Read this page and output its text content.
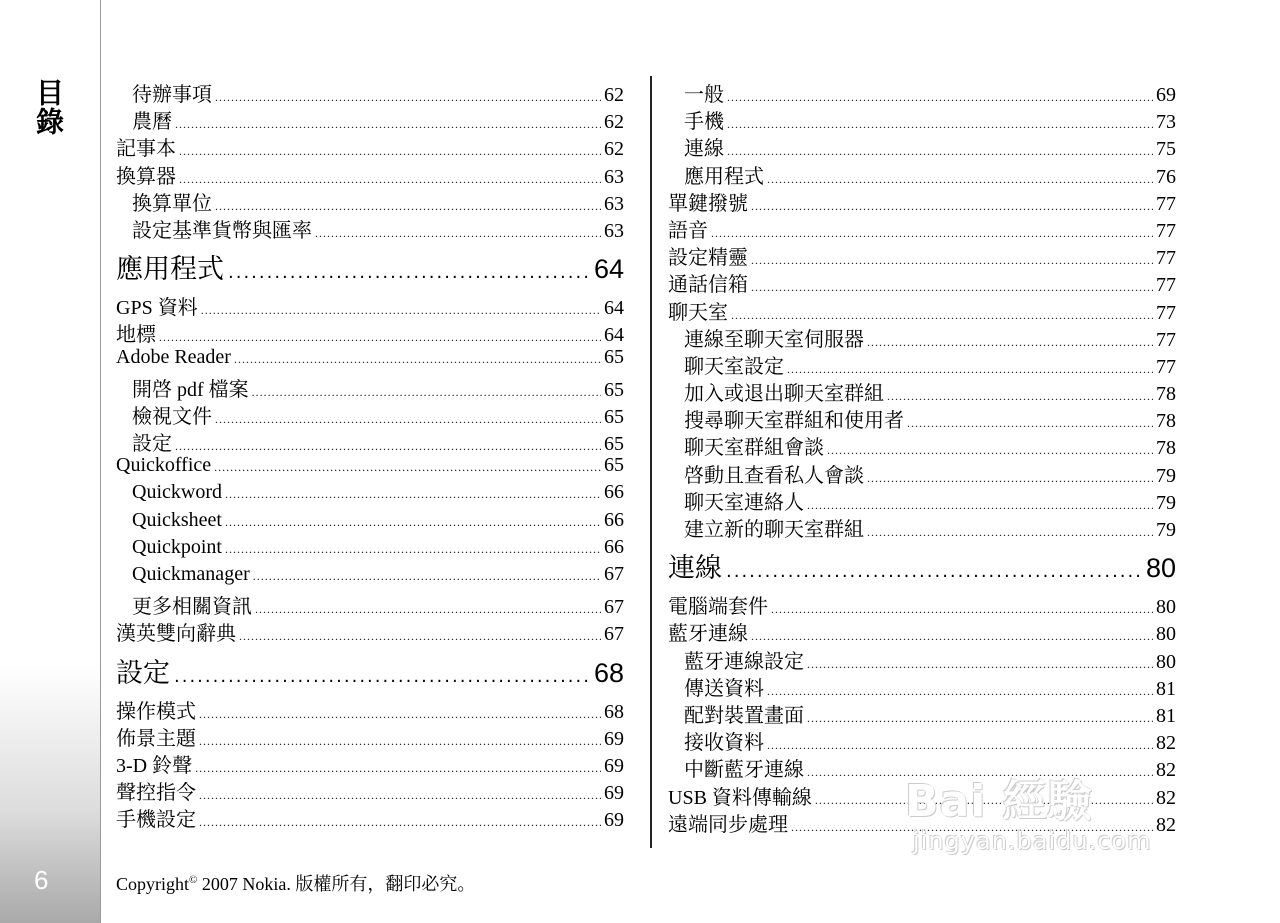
目錄
6
待辦事項 .....	62
農曆 .....	62
記事本 .....	62
換算器 .....	63
換算單位 .....	63
設定基準貨幣與匯率 .....	63
應用程式 .....	64
GPS 資料 .....	64
地標 .....	64
Adobe Reader .....	65
開啓 pdf 檔案 .....	65
檢視文件 .....	65
設定 .....	65
Quickoffice .....	65
Quickword .....	66
Quicksheet .....	66
Quickpoint .....	66
Quickmanager .....	67
更多相關資訊 .....	67
漢英雙向辭典 .....	67
設定 .....	68
操作模式 .....	68
佈景主題 .....	69
3-D 鈴聲 .....	69
聲控指令 .....	69
手機設定 .....	69
一般 .....	69
手機 .....	73
連線 .....	75
應用程式 .....	76
單鍵撥號 .....	77
語音 .....	77
設定精靈 .....	77
通話信箱 .....	77
聊天室 .....	77
連線至聊天室伺服器 .....	77
聊天室設定 .....	77
加入或退出聊天室群組 .....	78
搜尋聊天室群組和使用者 .....	78
聊天室群組會談 .....	78
啓動且查看私人會談 .....	79
聊天室連絡人 .....	79
建立新的聊天室群組 .....	79
連線 .....	80
電腦端套件 .....	80
藍牙連線 .....	80
藍牙連線設定 .....	80
傳送資料 .....	81
配對裝置畫面 .....	81
接收資料 .....	82
中斷藍牙連線 .....	82
USB 資料傳輸線 .....	82
遠端同步處理 .....	82
Copyright© 2007 Nokia. 版權所有，翻印必究。
Bai 經驗
jingyan.baidu.com
